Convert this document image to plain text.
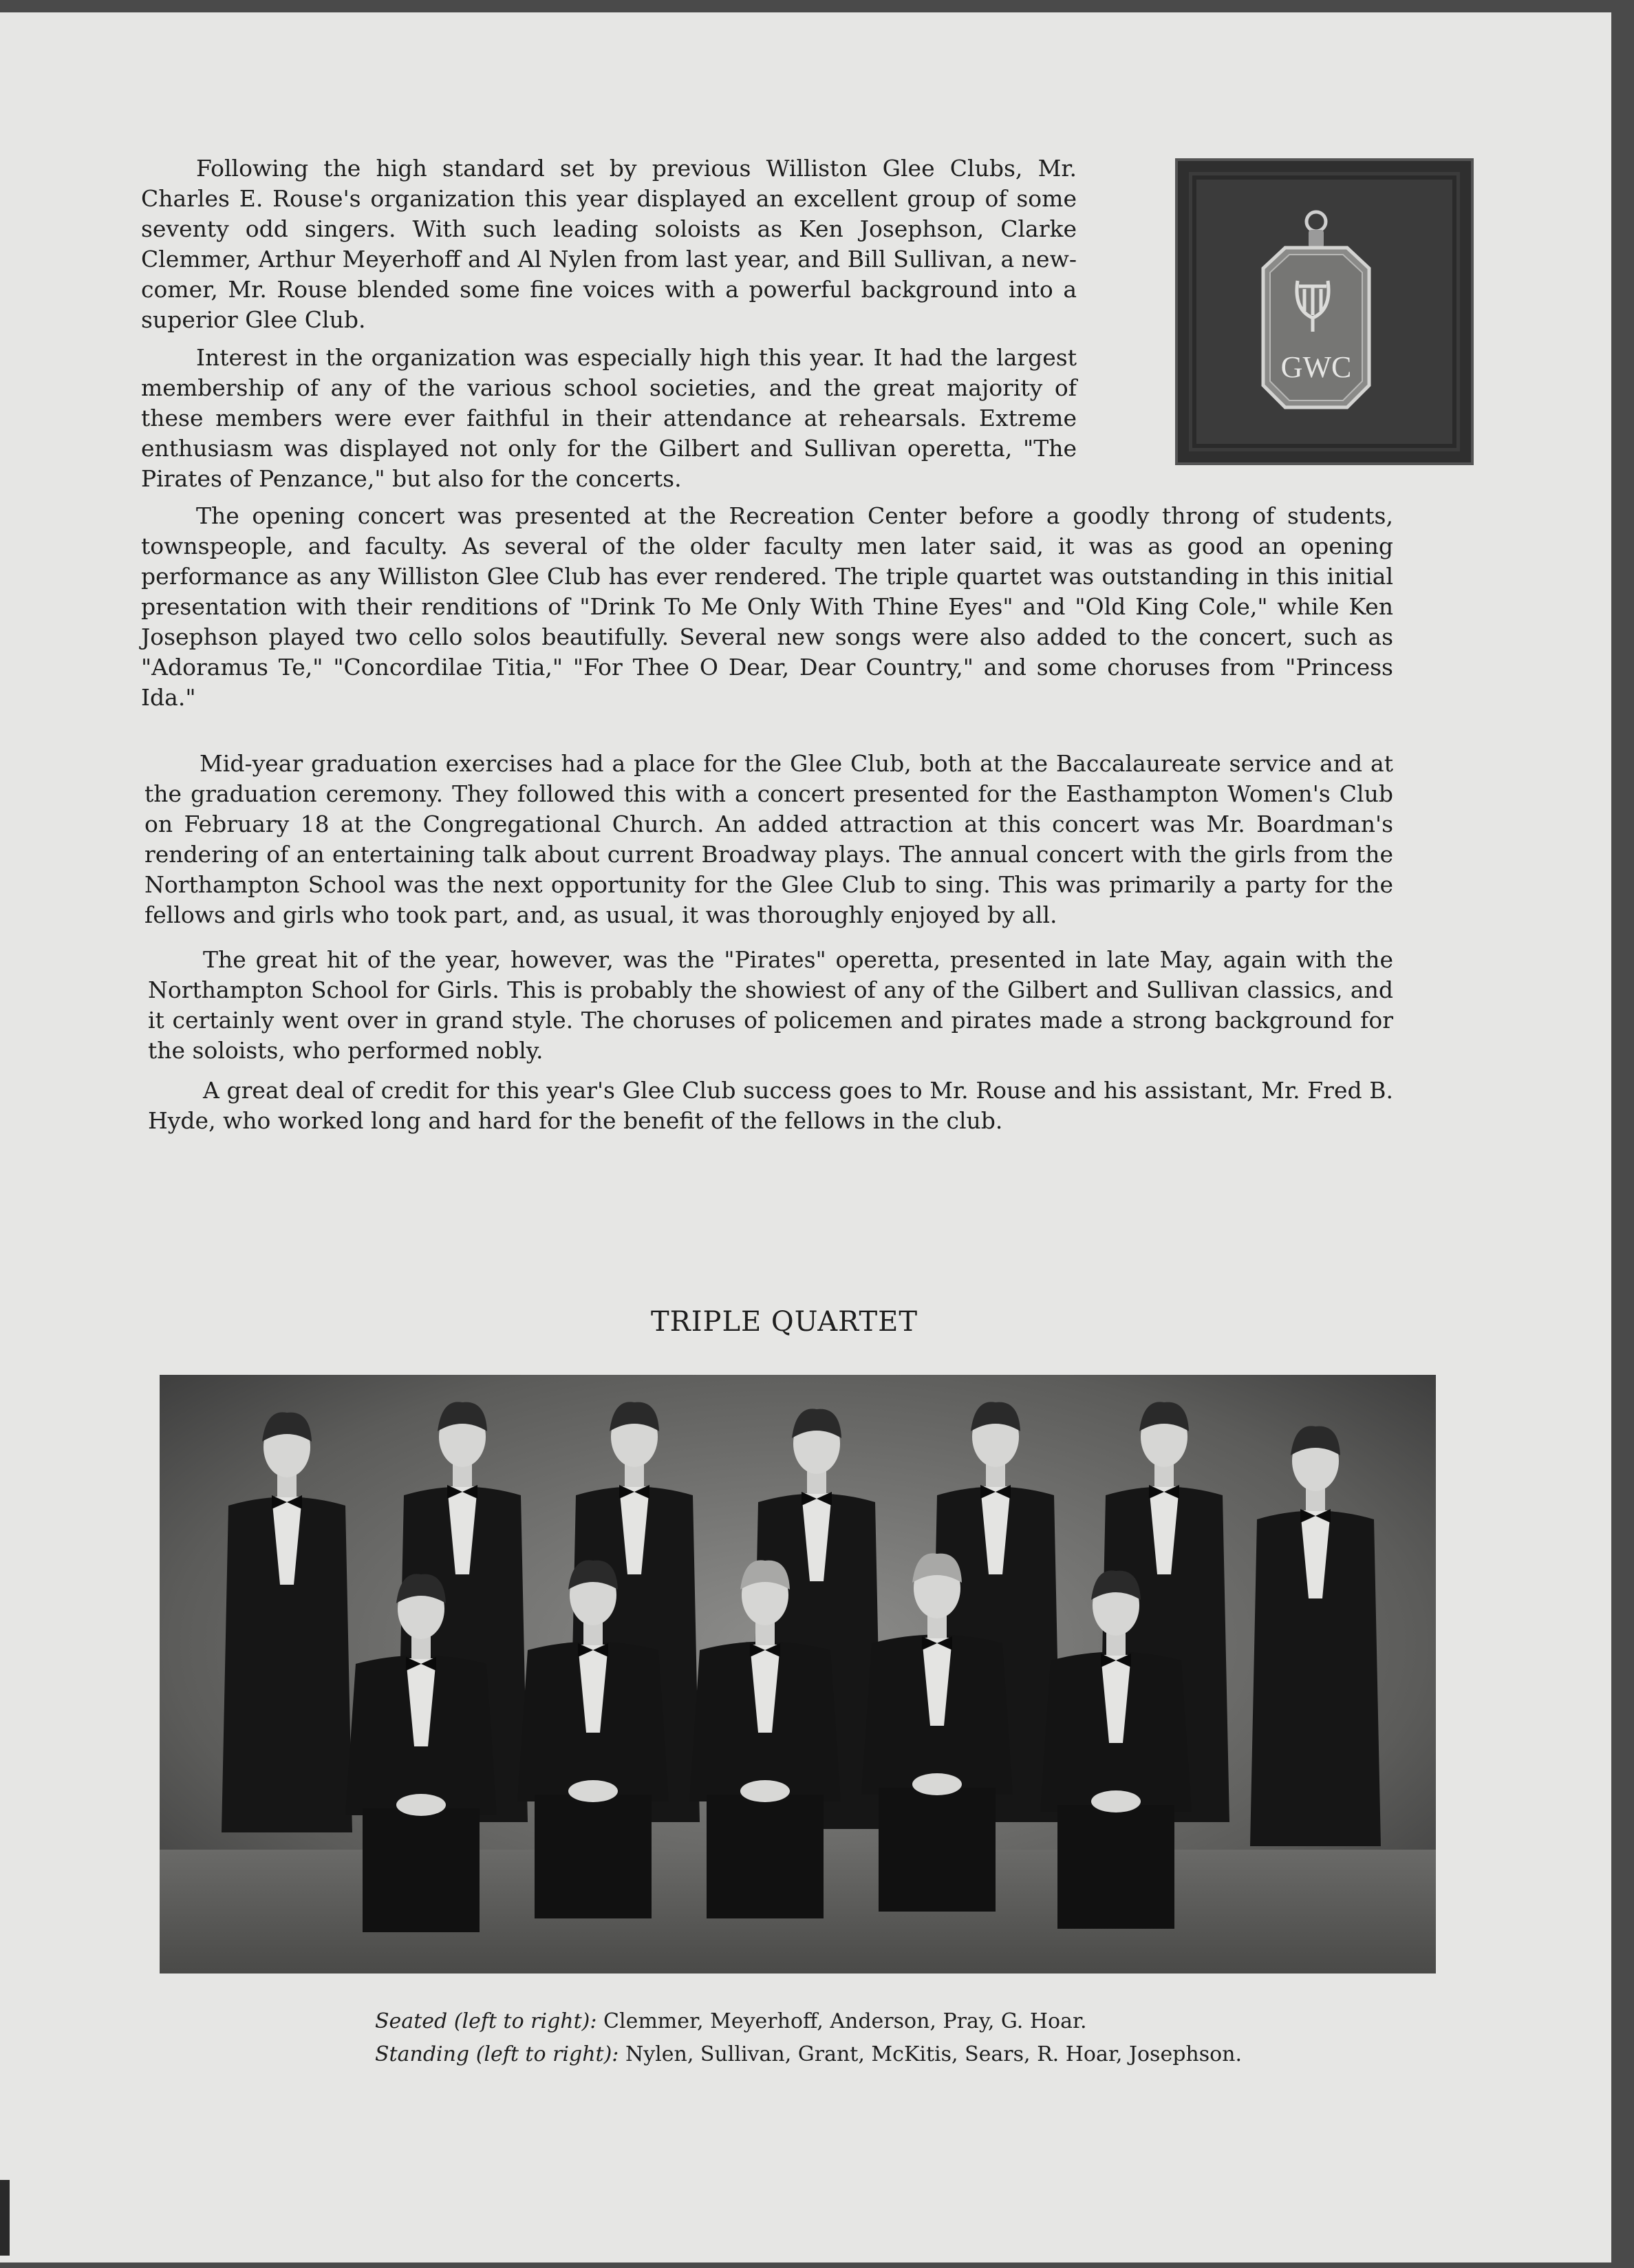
Following the high standard set by previous Williston Glee Clubs, Mr. Charles E. Rouse's organization this year displayed an excellent group of some seventy odd singers. With such leading soloists as Ken Josephson, Clarke Clemmer, Arthur Meyerhoff and Al Nylen from last year, and Bill Sullivan, a new-comer, Mr. Rouse blended some fine voices with a powerful background into a superior Glee Club.

Interest in the organization was especially high this year. It had the largest membership of any of the various school societies, and the great majority of these members were ever faithful in their attendance at rehearsals. Extreme enthusiasm was displayed not only for the Gilbert and Sullivan operetta, "The Pirates of Penzance," but also for the concerts.

The opening concert was presented at the Recreation Center before a goodly throng of students, townspeople, and faculty. As several of the older faculty men later said, it was as good an opening performance as any Williston Glee Club has ever rendered. The triple quartet was outstanding in this initial presentation with their renditions of "Drink To Me Only With Thine Eyes" and "Old King Cole," while Ken Josephson played two cello solos beautifully. Several new songs were also added to the concert, such as "Adoramus Te," "Concordilae Titia," "For Thee O Dear, Dear Country," and some choruses from "Princess Ida."

Mid-year graduation exercises had a place for the Glee Club, both at the Baccalaureate service and at the graduation ceremony. They followed this with a concert presented for the Easthampton Women's Club on February 18 at the Congregational Church. An added attraction at this concert was Mr. Boardman's rendering of an entertaining talk about current Broadway plays. The annual concert with the girls from the Northampton School was the next opportunity for the Glee Club to sing. This was primarily a party for the fellows and girls who took part, and, as usual, it was thoroughly enjoyed by all.

The great hit of the year, however, was the "Pirates" operetta, presented in late May, again with the Northampton School for Girls. This is probably the showiest of any of the Gilbert and Sullivan classics, and it certainly went over in grand style. The choruses of policemen and pirates made a strong background for the soloists, who performed nobly.

A great deal of credit for this year's Glee Club success goes to Mr. Rouse and his assistant, Mr. Fred B. Hyde, who worked long and hard for the benefit of the fellows in the club.

GWC
TRIPLE QUARTET
Seated (left to right): Clemmer, Meyerhoff, Anderson, Pray, G. Hoar.
Standing (left to right): Nylen, Sullivan, Grant, McKitis, Sears, R. Hoar, Josephson.
